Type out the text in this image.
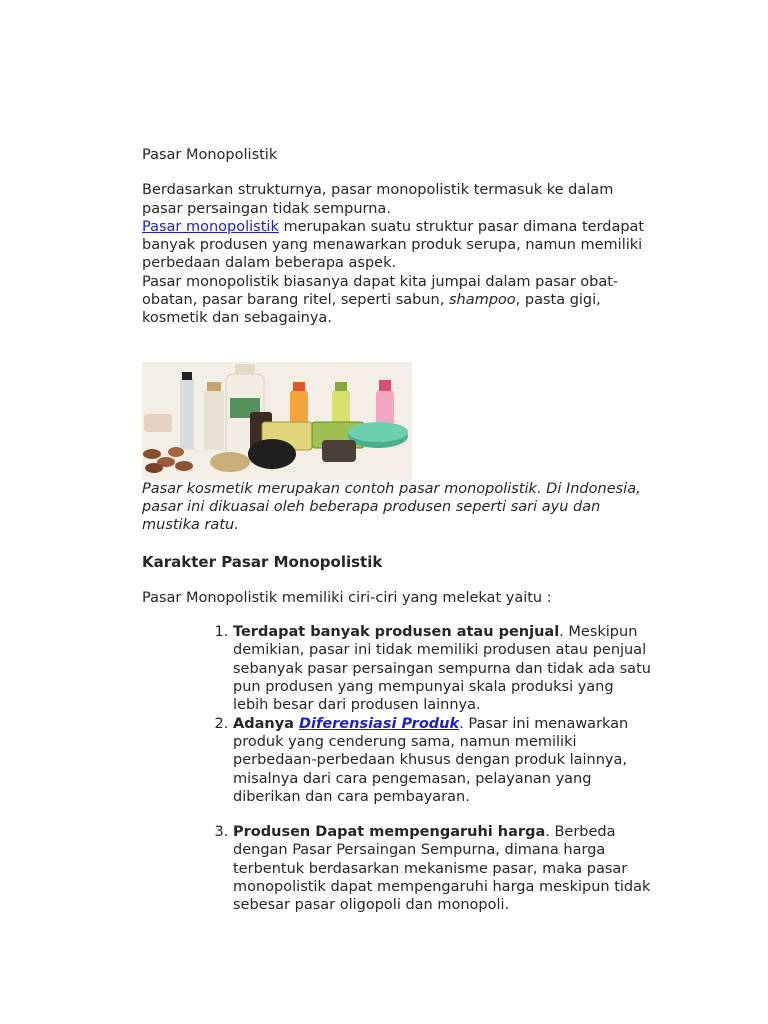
Pasar Monopolistik

Berdasarkan strukturnya, pasar monopolistik termasuk ke dalam pasar persaingan tidak sempurna.

Pasar monopolistik merupakan suatu struktur pasar dimana terdapat banyak produsen yang menawarkan produk serupa, namun memiliki perbedaan dalam beberapa aspek.

Pasar monopolistik biasanya dapat kita jumpai dalam pasar obat-obatan, pasar barang ritel, seperti sabun, shampoo, pasta gigi, kosmetik dan sebagainya.

Pasar kosmetik merupakan contoh pasar monopolistik. Di Indonesia, pasar ini dikuasai oleh beberapa produsen seperti sari ayu dan mustika ratu.

Karakter Pasar Monopolistik

Pasar Monopolistik memiliki ciri-ciri yang melekat yaitu :

1. Terdapat banyak produsen atau penjual. Meskipun demikian, pasar ini tidak memiliki produsen atau penjual sebanyak pasar persaingan sempurna dan tidak ada satu pun produsen yang mempunyai skala produksi yang lebih besar dari produsen lainnya.
2. Adanya Diferensiasi Produk. Pasar ini menawarkan produk yang cenderung sama, namun memiliki perbedaan-perbedaan khusus dengan produk lainnya, misalnya dari cara pengemasan, pelayanan yang diberikan dan cara pembayaran.
3. Produsen Dapat mempengaruhi harga. Berbeda dengan Pasar Persaingan Sempurna, dimana harga terbentuk berdasarkan mekanisme pasar, maka pasar monopolistik dapat mempengaruhi harga meskipun tidak sebesar pasar oligopoli dan monopoli.
